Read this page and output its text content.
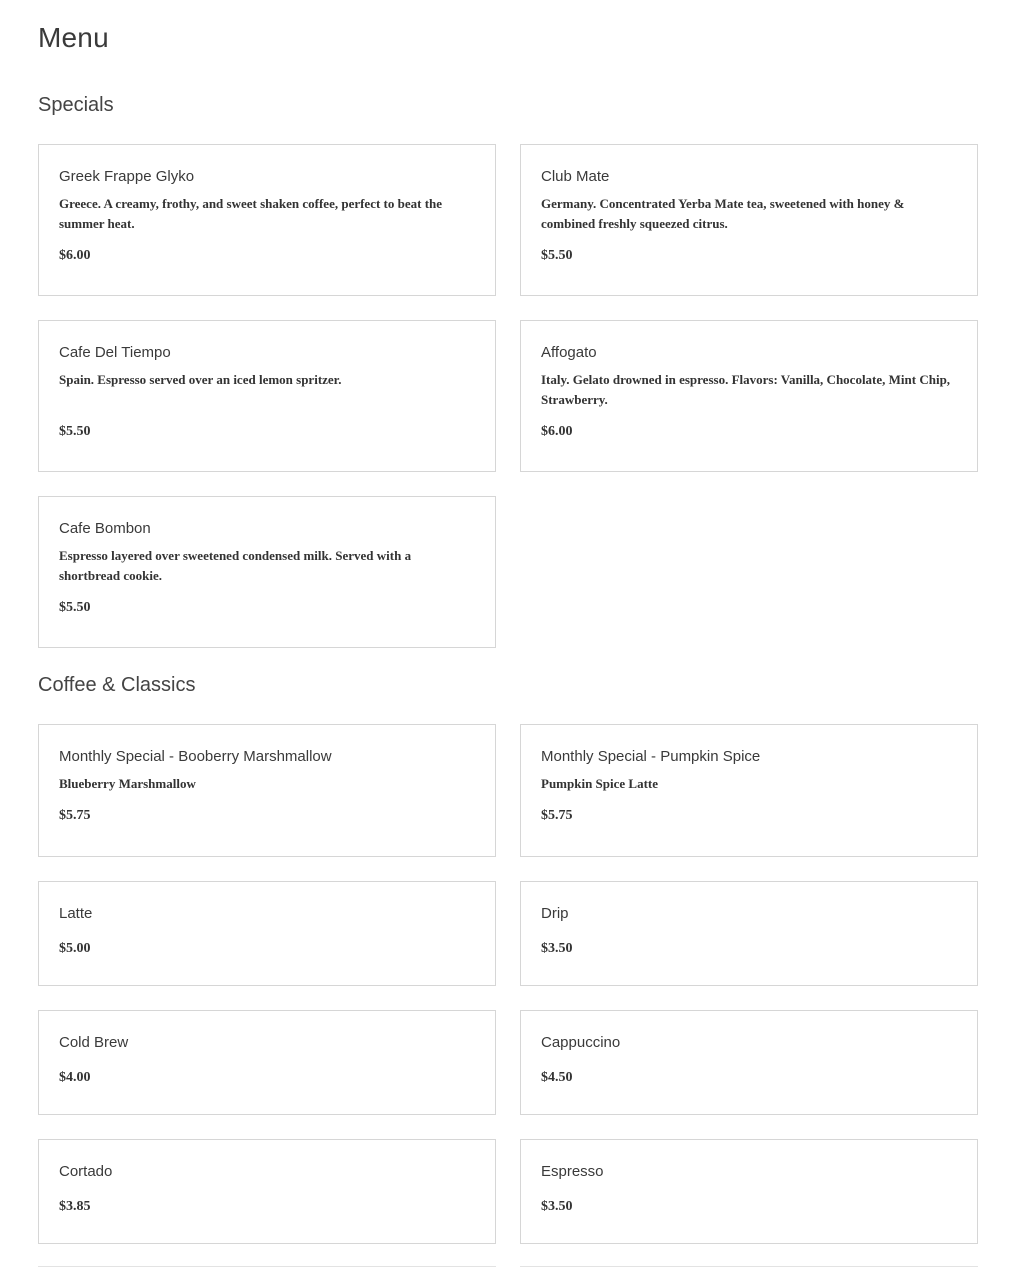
Menu
Specials
Greek Frappe Glyko

Greece. A creamy, frothy, and sweet shaken coffee, perfect to beat the summer heat.

$6.00
Club Mate

Germany. Concentrated Yerba Mate tea, sweetened with honey & combined freshly squeezed citrus.

$5.50
Cafe Del Tiempo

Spain. Espresso served over an iced lemon spritzer.

$5.50
Affogato

Italy. Gelato drowned in espresso. Flavors: Vanilla, Chocolate, Mint Chip, Strawberry.

$6.00
Cafe Bombon

Espresso layered over sweetened condensed milk. Served with a shortbread cookie.

$5.50
Coffee & Classics
Monthly Special - Booberry Marshmallow

Blueberry Marshmallow

$5.75
Monthly Special - Pumpkin Spice

Pumpkin Spice Latte

$5.75
Latte
$5.00
Drip
$3.50
Cold Brew
$4.00
Cappuccino
$4.50
Cortado
$3.85
Espresso
$3.50
